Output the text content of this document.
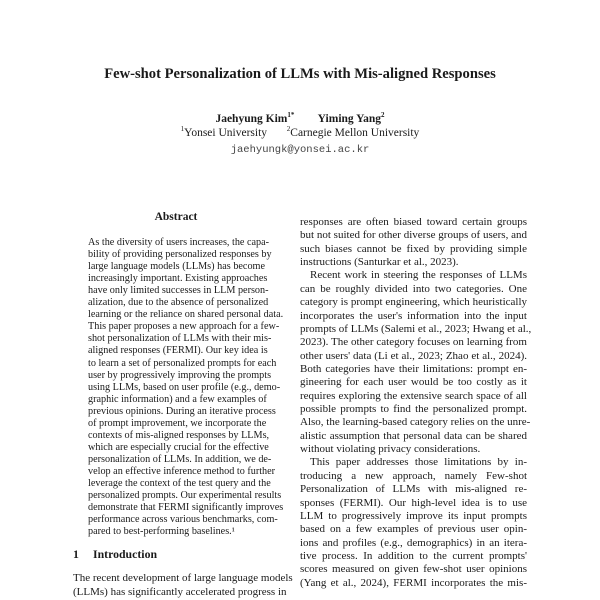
Few-shot Personalization of LLMs with Mis-aligned Responses
Jaehyung Kim$^{1*}$ Yiming Yang$^2$
$^1$Yonsei University	$^2$Carnegie Mellon University
jaehyungk@yonsei.ac.kr
Abstract
As the diversity of users increases, the capa-
bility of providing personalized responses by
large language models (LLMs) has become
increasingly important. Existing approaches
have only limited successes in LLM person-
alization, due to the absence of personalized
learning or the reliance on shared personal data.
This paper proposes a new approach for a few-
shot personalization of LLMs with their mis-
aligned responses (FERMI). Our key idea is
to learn a set of personalized prompts for each
user by progressively improving the prompts
using LLMs, based on user profile (e.g., demo-
graphic information) and a few examples of
previous opinions. During an iterative process
of prompt improvement, we incorporate the
contexts of mis-aligned responses by LLMs,
which are especially crucial for the effective
personalization of LLMs. In addition, we de-
velop an effective inference method to further
leverage the context of the test query and the
personalized prompts. Our experimental results
demonstrate that FERMI significantly improves
performance across various benchmarks, com-
pared to best-performing baselines.¹
1 Introduction
The recent development of large language models
(LLMs) has significantly accelerated progress in
responses are often biased toward certain groups
but not suited for other diverse groups of users, and
such biases cannot be fixed by providing simple
instructions (Santurkar et al., 2023).
Recent work in steering the responses of LLMs
can be roughly divided into two categories. One
category is prompt engineering, which heuristically
incorporates the user's information into the input
prompts of LLMs (Salemi et al., 2023; Hwang et al.,
2023). The other category focuses on learning from
other users' data (Li et al., 2023; Zhao et al., 2024).
Both categories have their limitations: prompt en-
gineering for each user would be too costly as it
requires exploring the extensive search space of all
possible prompts to find the personalized prompt.
Also, the learning-based category relies on the unre-
alistic assumption that personal data can be shared
without violating privacy considerations.
This paper addresses those limitations by in-
troducing a new approach, namely Few-shot
Personalization of LLMs with mis-aligned re-
sponses (FERMI). Our high-level idea is to use
LLM to progressively improve its input prompts
based on a few examples of previous user opin-
ions and profiles (e.g., demographics) in an itera-
tive process. In addition to the current prompts'
scores measured on given few-shot user opinions
(Yang et al., 2024), FERMI incorporates the mis-
